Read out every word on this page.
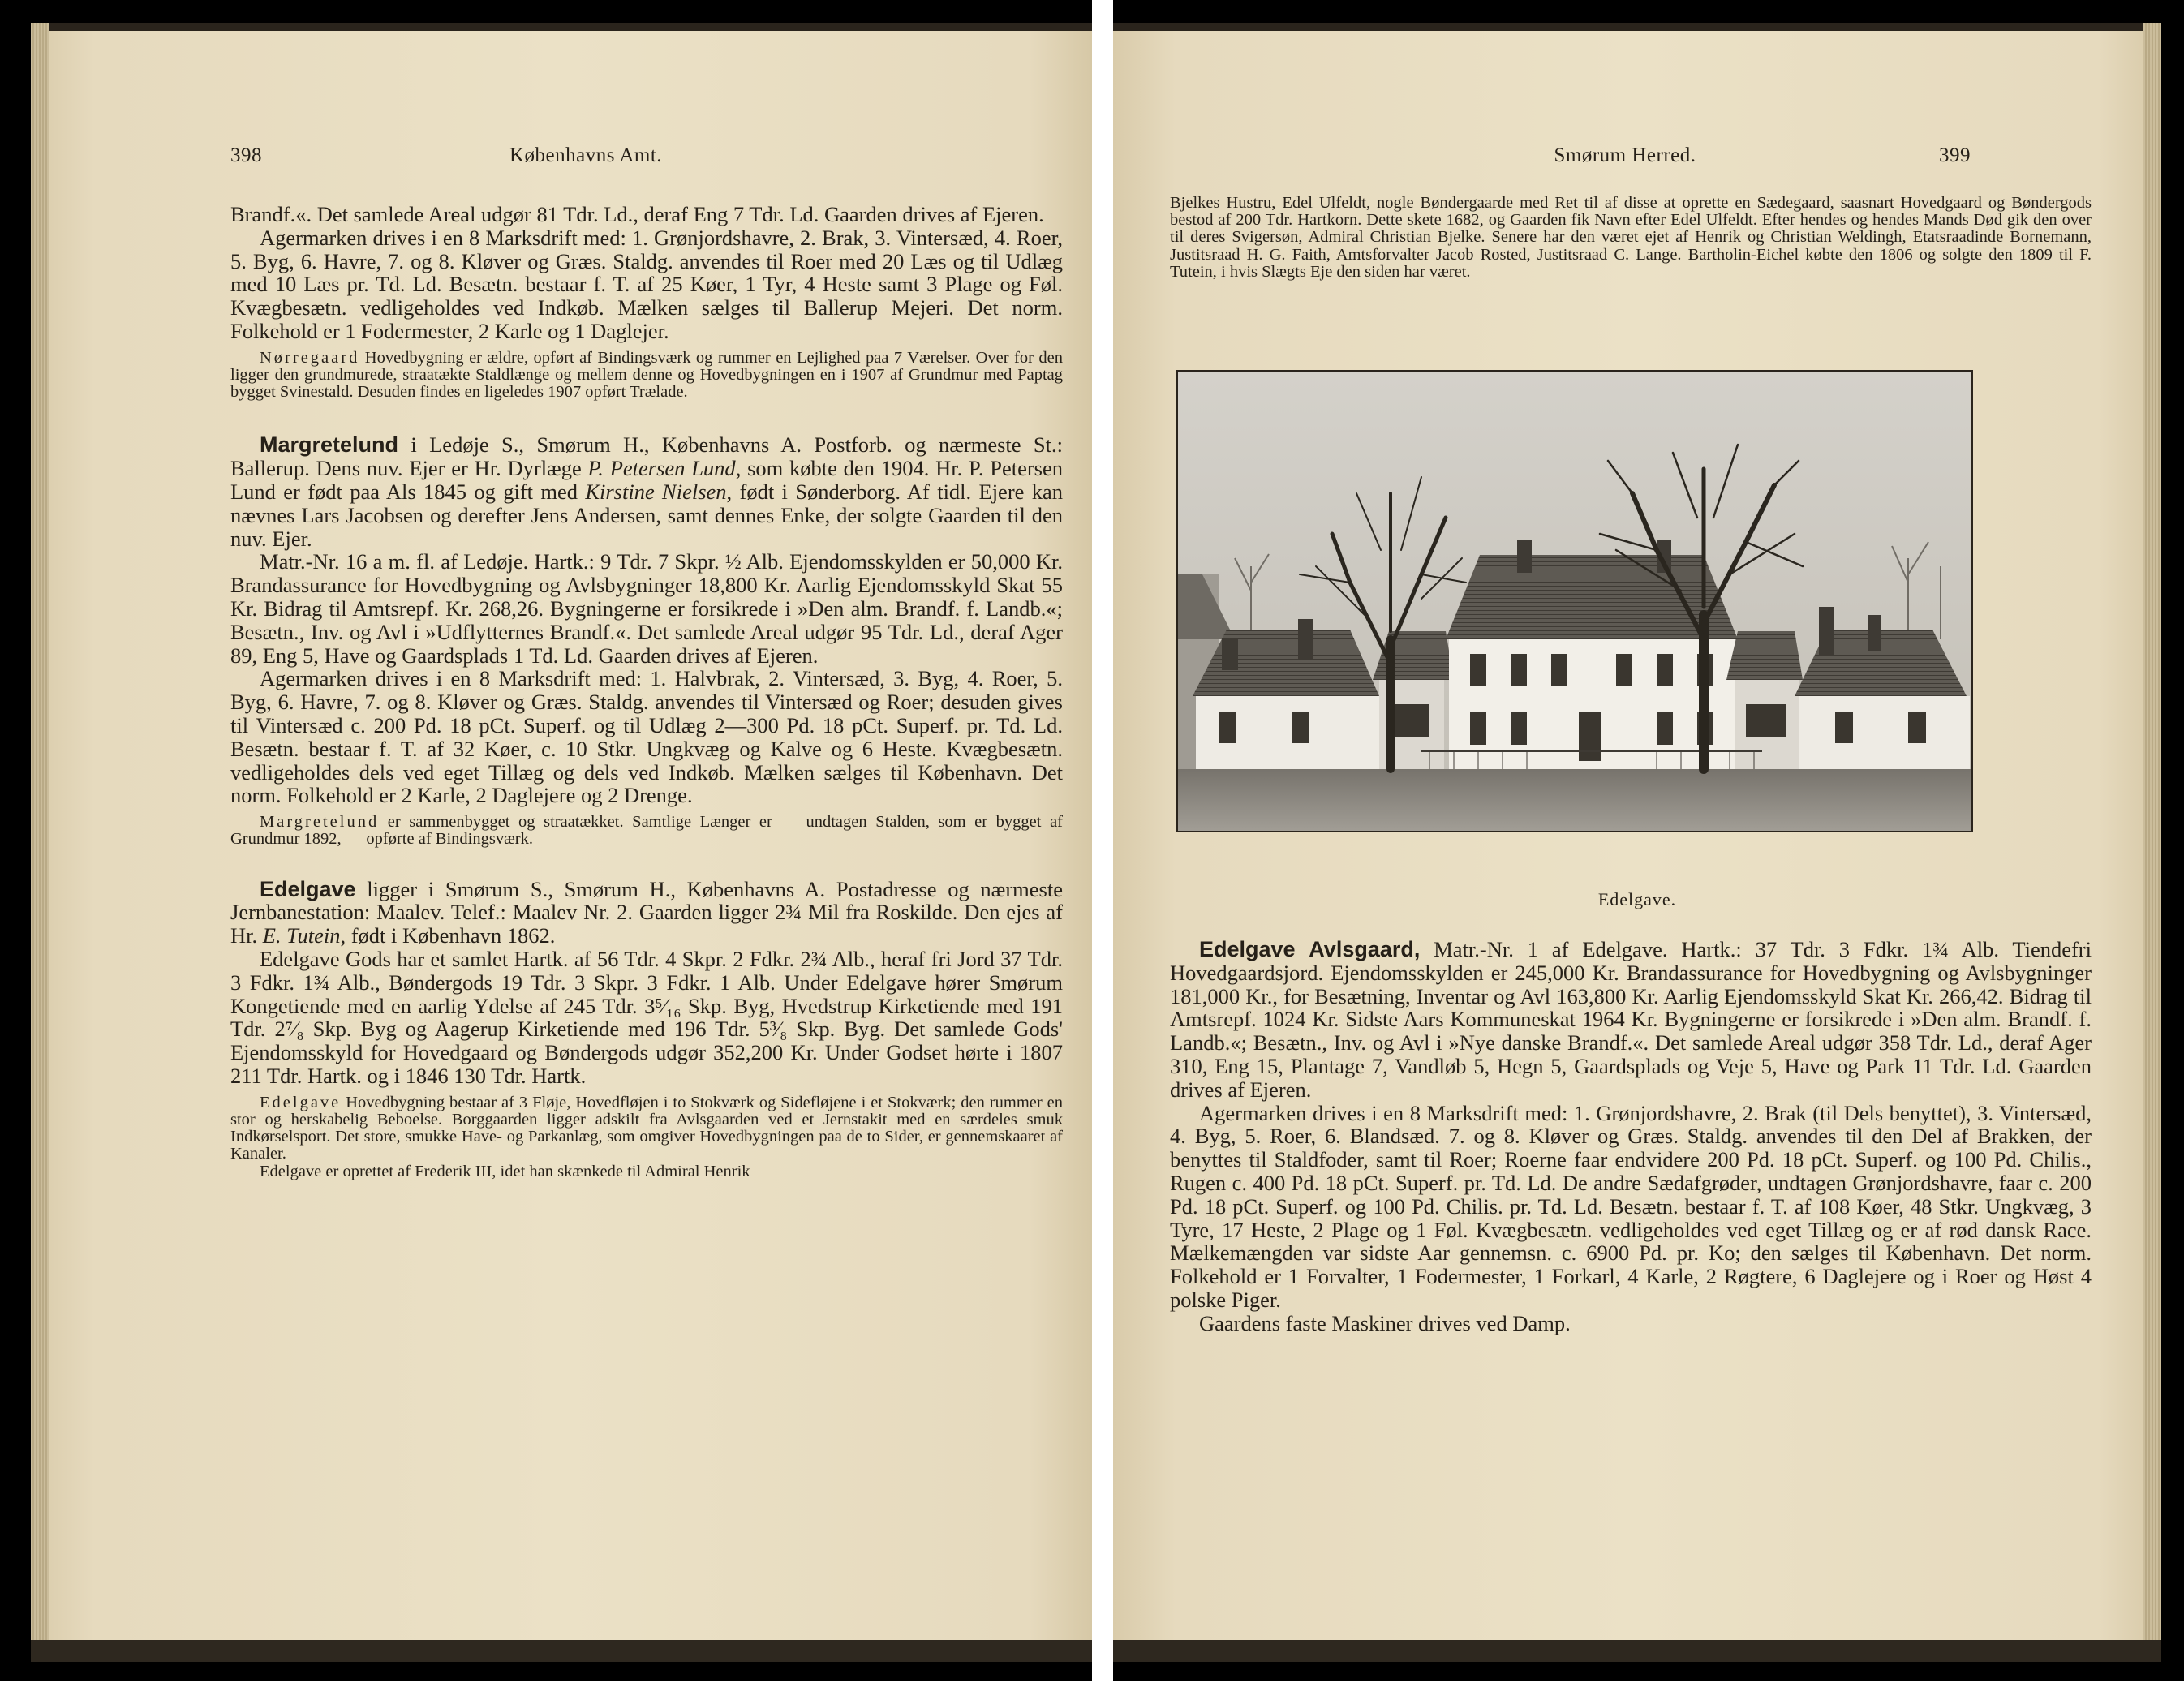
398	Københavns Amt.

Brandf.«. Det samlede Areal udgør 81 Tdr. Ld., deraf Eng 7 Tdr. Ld. Gaarden drives af Ejeren.

Agermarken drives i en 8 Marksdrift med: 1. Grønjordshavre, 2. Brak, 3. Vintersæd, 4. Roer, 5. Byg, 6. Havre, 7. og 8. Kløver og Græs. Staldg. anvendes til Roer med 20 Læs og til Udlæg med 10 Læs pr. Td. Ld. Besætn. bestaar f. T. af 25 Køer, 1 Tyr, 4 Heste samt 3 Plage og Føl. Kvægbesætn. vedligeholdes ved Indkøb. Mælken sælges til Ballerup Mejeri. Det norm. Folkehold er 1 Fodermester, 2 Karle og 1 Daglejer.

Nørregaard Hovedbygning er ældre, opført af Bindingsværk og rummer en Lejlighed paa 7 Værelser. Over for den ligger den grundmurede, straatækte Staldlænge og mellem denne og Hovedbygningen en i 1907 af Grundmur med Paptag bygget Svinestald. Desuden findes en ligeledes 1907 opført Trælade.

Margretelund i Ledøje S., Smørum H., Københavns A. Postforb. og nærmeste St.: Ballerup. Dens nuv. Ejer er Hr. Dyrlæge P. Petersen Lund, som købte den 1904. Hr. P. Petersen Lund er født paa Als 1845 og gift med Kirstine Nielsen, født i Sønderborg. Af tidl. Ejere kan nævnes Lars Jacobsen og derefter Jens Andersen, samt dennes Enke, der solgte Gaarden til den nuv. Ejer.

Matr.-Nr. 16 a m. fl. af Ledøje. Hartk.: 9 Tdr. 7 Skpr. ½ Alb. Ejendomsskylden er 50,000 Kr. Brandassurance for Hovedbygning og Avlsbygninger 18,800 Kr. Aarlig Ejendomsskyld Skat 55 Kr. Bidrag til Amtsrepf. Kr. 268,26. Bygningerne er forsikrede i »Den alm. Brandf. f. Landb.«; Besætn., Inv. og Avl i »Udflytternes Brandf.«. Det samlede Areal udgør 95 Tdr. Ld., deraf Ager 89, Eng 5, Have og Gaardsplads 1 Td. Ld. Gaarden drives af Ejeren.

Agermarken drives i en 8 Marksdrift med: 1. Halvbrak, 2. Vintersæd, 3. Byg, 4. Roer, 5. Byg, 6. Havre, 7. og 8. Kløver og Græs. Staldg. anvendes til Vintersæd og Roer; desuden gives til Vintersæd c. 200 Pd. 18 pCt. Superf. og til Udlæg 2—300 Pd. 18 pCt. Superf. pr. Td. Ld. Besætn. bestaar f. T. af 32 Køer, c. 10 Stkr. Ungkvæg og Kalve og 6 Heste. Kvægbesætn. vedligeholdes dels ved eget Tillæg og dels ved Indkøb. Mælken sælges til København. Det norm. Folkehold er 2 Karle, 2 Daglejere og 2 Drenge.

Margretelund er sammenbygget og straatækket. Samtlige Længer er — undtagen Stalden, som er bygget af Grundmur 1892, — opførte af Bindingsværk.

Edelgave ligger i Smørum S., Smørum H., Københavns A. Postadresse og nærmeste Jernbanestation: Maalev. Telef.: Maalev Nr. 2. Gaarden ligger 2¾ Mil fra Roskilde. Den ejes af Hr. E. Tutein, født i København 1862.

Edelgave Gods har et samlet Hartk. af 56 Tdr. 4 Skpr. 2 Fdkr. 2¾ Alb., heraf fri Jord 37 Tdr. 3 Fdkr. 1¾ Alb., Bøndergods 19 Tdr. 3 Skpr. 3 Fdkr. 1 Alb. Under Edelgave hører Smørum Kongetiende med en aarlig Ydelse af 245 Tdr. 3⁵⁄₁₆ Skp. Byg, Hvedstrup Kirketiende med 191 Tdr. 2⁷⁄₈ Skp. Byg og Aagerup Kirketiende med 196 Tdr. 5³⁄₈ Skp. Byg. Det samlede Gods' Ejendomsskyld for Hovedgaard og Bøndergods udgør 352,200 Kr. Under Godset hørte i 1807 211 Tdr. Hartk. og i 1846 130 Tdr. Hartk.

Edelgave Hovedbygning bestaar af 3 Fløje, Hovedfløjen i to Stokværk og Sidefløjene i et Stokværk; den rummer en stor og herskabelig Beboelse. Borggaarden ligger adskilt fra Avlsgaarden ved et Jernstakit med en særdeles smuk Indkørselsport. Det store, smukke Have- og Parkanlæg, som omgiver Hovedbygningen paa de to Sider, er gennemskaaret af Kanaler.

Edelgave er oprettet af Frederik III, idet han skænkede til Admiral Henrik

Smørum Herred.	399

Bjelkes Hustru, Edel Ulfeldt, nogle Bøndergaarde med Ret til af disse at oprette en Sædegaard, saasnart Hovedgaard og Bøndergods bestod af 200 Tdr. Hartkorn. Dette skete 1682, og Gaarden fik Navn efter Edel Ulfeldt. Efter hendes og hendes Mands Død gik den over til deres Svigersøn, Admiral Christian Bjelke. Senere har den været ejet af Henrik og Christian Weldingh, Etatsraadinde Bornemann, Justitsraad H. G. Faith, Amtsforvalter Jacob Rosted, Justitsraad C. Lange. Bartholin-Eichel købte den 1806 og solgte den 1809 til F. Tutein, i hvis Slægts Eje den siden har været.

Edelgave.

Edelgave Avlsgaard, Matr.-Nr. 1 af Edelgave. Hartk.: 37 Tdr. 3 Fdkr. 1¾ Alb. Tiendefri Hovedgaardsjord. Ejendomsskylden er 245,000 Kr. Brandassurance for Hovedbygning og Avlsbygninger 181,000 Kr., for Besætning, Inventar og Avl 163,800 Kr. Aarlig Ejendomsskyld Skat Kr. 266,42. Bidrag til Amtsrepf. 1024 Kr. Sidste Aars Kommuneskat 1964 Kr. Bygningerne er forsikrede i »Den alm. Brandf. f. Landb.«; Besætn., Inv. og Avl i »Nye danske Brandf.«. Det samlede Areal udgør 358 Tdr. Ld., deraf Ager 310, Eng 15, Plantage 7, Vandløb 5, Hegn 5, Gaardsplads og Veje 5, Have og Park 11 Tdr. Ld. Gaarden drives af Ejeren.

Agermarken drives i en 8 Marksdrift med: 1. Grønjordshavre, 2. Brak (til Dels benyttet), 3. Vintersæd, 4. Byg, 5. Roer, 6. Blandsæd. 7. og 8. Kløver og Græs. Staldg. anvendes til den Del af Brakken, der benyttes til Staldfoder, samt til Roer; Roerne faar endvidere 200 Pd. 18 pCt. Superf. og 100 Pd. Chilis., Rugen c. 400 Pd. 18 pCt. Superf. pr. Td. Ld. De andre Sædafgrøder, undtagen Grønjordshavre, faar c. 200 Pd. 18 pCt. Superf. og 100 Pd. Chilis. pr. Td. Ld. Besætn. bestaar f. T. af 108 Køer, 48 Stkr. Ungkvæg, 3 Tyre, 17 Heste, 2 Plage og 1 Føl. Kvægbesætn. vedligeholdes ved eget Tillæg og er af rød dansk Race. Mælkemængden var sidste Aar gennemsn. c. 6900 Pd. pr. Ko; den sælges til København. Det norm. Folkehold er 1 Forvalter, 1 Fodermester, 1 Forkarl, 4 Karle, 2 Røgtere, 6 Daglejere og i Roer og Høst 4 polske Piger.

Gaardens faste Maskiner drives ved Damp.
